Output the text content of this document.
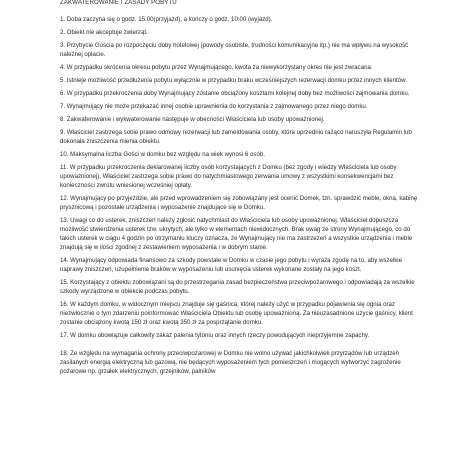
ZAKWATEROWANIE I ZASADY POBYTU
1. Doba zaczyna się o godz. 15:00(przyjazd), a kończy o godz. 10:00 (wyjazd).
2. Obiekt nie akceptuje zwierząt.
3. Przybycie Gościa po rozpoczęciu doby hotelowej (powody osobiste, trudności komunikacyjne itp.) nie ma wpływu na wysokość należnej opłacie.
4. W przypadku skrócenia okresu pobytu przez Wynajmującego, kwota za niewykorzystany okres nie jest zwracana.
5. Istnieje możliwość przedłużenia pobytu wyłącznie w przypadku braku wcześniejszych rezerwacji domku przez innych klientów.
6. W przypadku przekroczenia doby Wynajmujący zostanie obciążony kosztami kolejnej doby bez możliwości zajmowania domku.
7. Wynajmujący nie może przekazać innej osobie uprawnienia do korzystania z zajmowanego przez niego domku.
8. Zakwaterowanie i wykwaterowanie następuje w obecności Właściciela lub osoby upoważnionej.
9. Właściciel zastrzega sobie prawo odmowy rezerwacji lub zameldowania osoby, która uprzednio rażąco naruszyła Regulamin lub dokonała zniszczenia mienia obiektu.
10. Maksymalna liczba Gości w domku bez względu na wiek wynosi 6 osób.
11. W przypadku przekroczenia deklarowanej liczby osób korzystających z Domku (bez zgody i wiedzy Właściciela lub osoby upoważnionej), Właściciel zastrzega sobie prawo do natychmiastowego zerwania umowy z wszystkimi konsekwencjami bez konieczności zwrotu wniesionej wcześniej opłaty.
12. Wynajmujący po przyjeździe, ale przed wprowadzeniem się zobowiązany jest ocenić Domek, tzn. sprawdzić meble, okna, kabinę prysznicową i pozostałe urządzenia i wyposażenie znajdujące się w Domku.
13. Uwagi co do usterek, zniszczeń należy zgłosić natychmiast do Właściciela lub osoby upoważnionej. Właściciel dopuszcza możliwość stwierdzenia usterek tzw. ukrytych, ale tylko w elementach niewidocznych. Brak uwag ze strony Wynajmującego, co do takich usterek w ciągu 4 godzin po otrzymaniu kluczy oznacza, że Wynajmujący nie ma zastrzeżeń a wszystkie urządzenia i meble znajdują się w ilości zgodnej z zestawieniem wyposażenia i w dobrym stanie.
14. Wynajmujący odpowiada finansowo za szkody powstałe w Domku w czasie jego pobytu i wyraża zgodę na to, aby wszelkie naprawy zniszczeń, uzupełnienie braków w wyposażeniu lub usunięcia usterek wykonane zostały na jego koszt.
15. Korzystający z obiektu zobowiązani są do przestrzegania zasad bezpieczeństwa przeciwpożarowego i odpowiadają za wszelkie szkody wyrządzone w obiekcie podczas pobytu.
16. W każdym domku, w widocznym miejscu znajduje się gaśnica, której należy użyć w przypadku pojawienia się ognia oraz niezwłocznie o tym zdarzeniu poinformować Właściciela Obiektu lub osobę upoważnioną. Za nieuzasadnione użycie gaśnicy, klient zostanie obciążony kwotą 150 zł oraz kwotą 350 zł za posprzątanie domku.
17. W domku obowiązuje całkowity zakaz palenia tytoniu oraz innych rzeczy powodujących nieprzyjemne zapachy.
18. Ze względu na wymagania ochrony przeciwpożarowej w Domku nie wolno używać jakichkolwiek przyrządów lub urządzeń zasilanych energią elektryczną lub gazową, nie będących wyposażeniem tych pomieszczeń i mogących wytworzyć zagrożenie pożarowe np. grzałek elektrycznych, grzejników, palników
